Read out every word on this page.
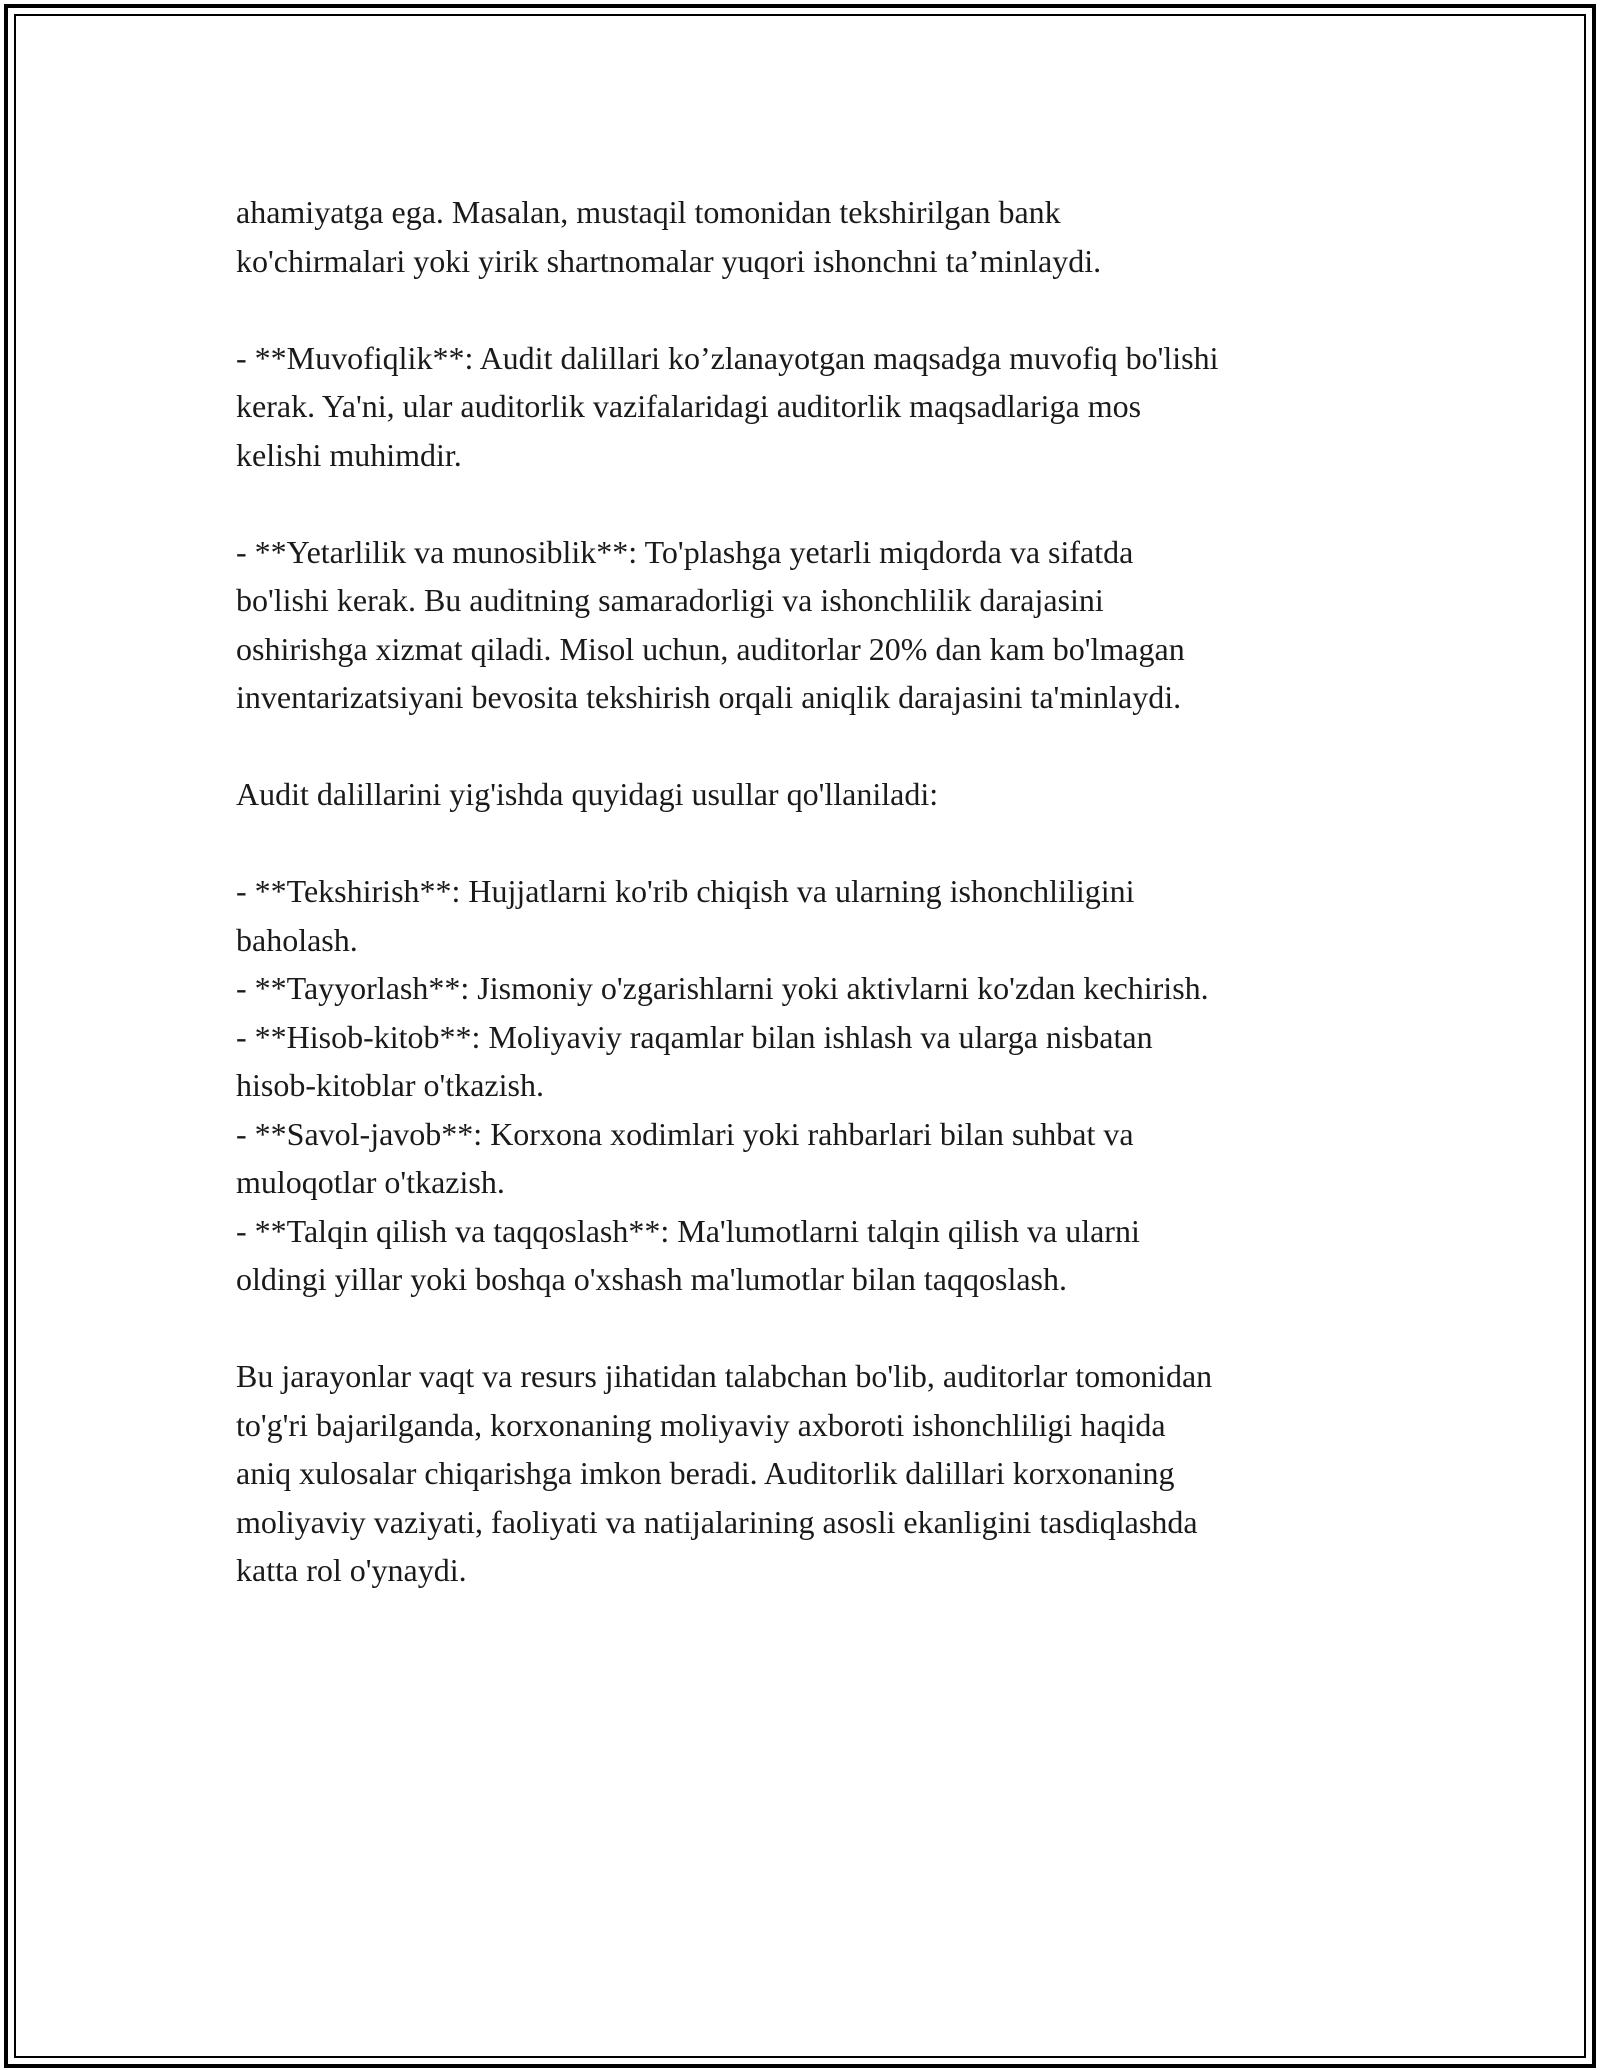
ahamiyatga ega. Masalan, mustaqil tomonidan tekshirilgan bank
ko'chirmalari yoki yirik shartnomalar yuqori ishonchni ta’minlaydi.
- **Muvofiqlik**: Audit dalillari ko’zlanayotgan maqsadga muvofiq bo'lishi
kerak. Ya'ni, ular auditorlik vazifalaridagi auditorlik maqsadlariga mos
kelishi muhimdir.
- **Yetarlilik va munosiblik**: To'plashga yetarli miqdorda va sifatda
bo'lishi kerak. Bu auditning samaradorligi va ishonchlilik darajasini
oshirishga xizmat qiladi. Misol uchun, auditorlar 20% dan kam bo'lmagan
inventarizatsiyani bevosita tekshirish orqali aniqlik darajasini ta'minlaydi.
Audit dalillarini yig'ishda quyidagi usullar qo'llaniladi:
- **Tekshirish**: Hujjatlarni ko'rib chiqish va ularning ishonchliligini
baholash.
- **Tayyorlash**: Jismoniy o'zgarishlarni yoki aktivlarni ko'zdan kechirish.
- **Hisob-kitob**: Moliyaviy raqamlar bilan ishlash va ularga nisbatan
hisob-kitoblar o'tkazish.
- **Savol-javob**: Korxona xodimlari yoki rahbarlari bilan suhbat va
muloqotlar o'tkazish.
- **Talqin qilish va taqqoslash**: Ma'lumotlarni talqin qilish va ularni
oldingi yillar yoki boshqa o'xshash ma'lumotlar bilan taqqoslash.
Bu jarayonlar vaqt va resurs jihatidan talabchan bo'lib, auditorlar tomonidan
to'g'ri bajarilganda, korxonaning moliyaviy axboroti ishonchliligi haqida
aniq xulosalar chiqarishga imkon beradi. Auditorlik dalillari korxonaning
moliyaviy vaziyati, faoliyati va natijalarining asosli ekanligini tasdiqlashda
katta rol o'ynaydi.
